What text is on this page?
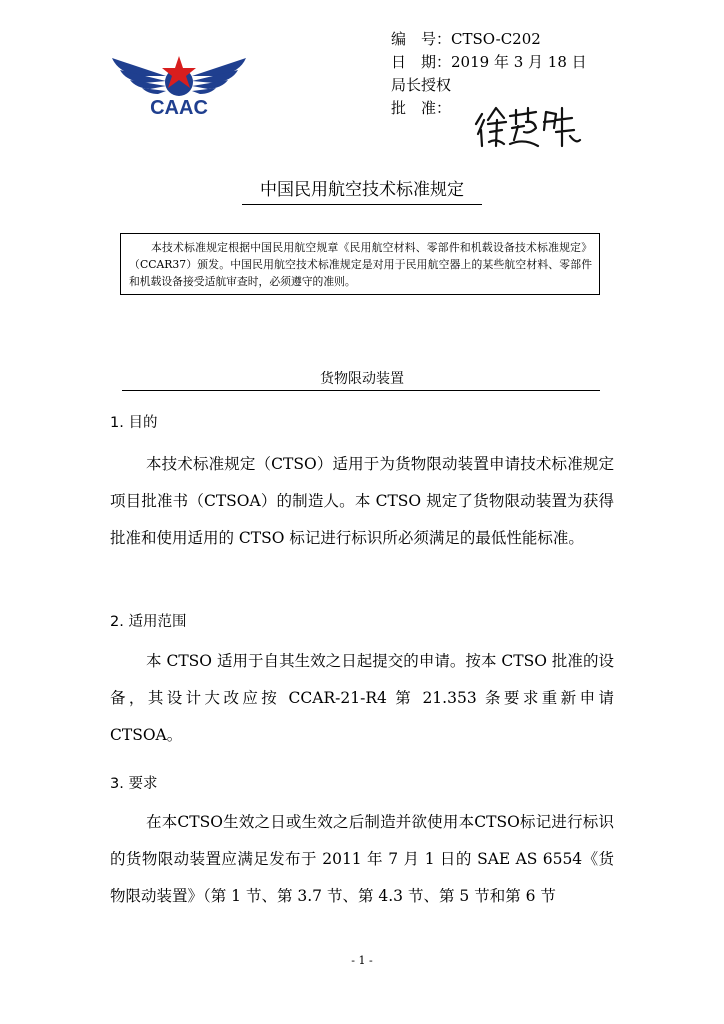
CAAC
编　号： CTSO-C202
日　期： 2019 年 3 月 18 日
局长授权
批　准：
中国民用航空技术标准规定
本技术标准规定根据中国民用航空规章《民用航空材料、零部件和机载设备技术标准规定》（CCAR37）颁发。中国民用航空技术标准规定是对用于民用航空器上的某些航空材料、零部件和机载设备接受适航审查时，必须遵守的准则。
货物限动装置
1. 目的
本技术标准规定（CTSO）适用于为货物限动装置申请技术标准规定项目批准书（CTSOA）的制造人。本 CTSO 规定了货物限动装置为获得批准和使用适用的 CTSO 标记进行标识所必须满足的最低性能标准。
2. 适用范围
本 CTSO 适用于自其生效之日起提交的申请。按本 CTSO 批准的设备，其设计大改应按 CCAR-21-R4 第 21.353 条要求重新申请CTSOA。
3. 要求
在本CTSO生效之日或生效之后制造并欲使用本CTSO标记进行标识的货物限动装置应满足发布于 2011 年 7 月 1 日的 SAE AS 6554《货物限动装置》（第 1 节、第 3.7 节、第 4.3 节、第 5 节和第 6 节
- 1 -
